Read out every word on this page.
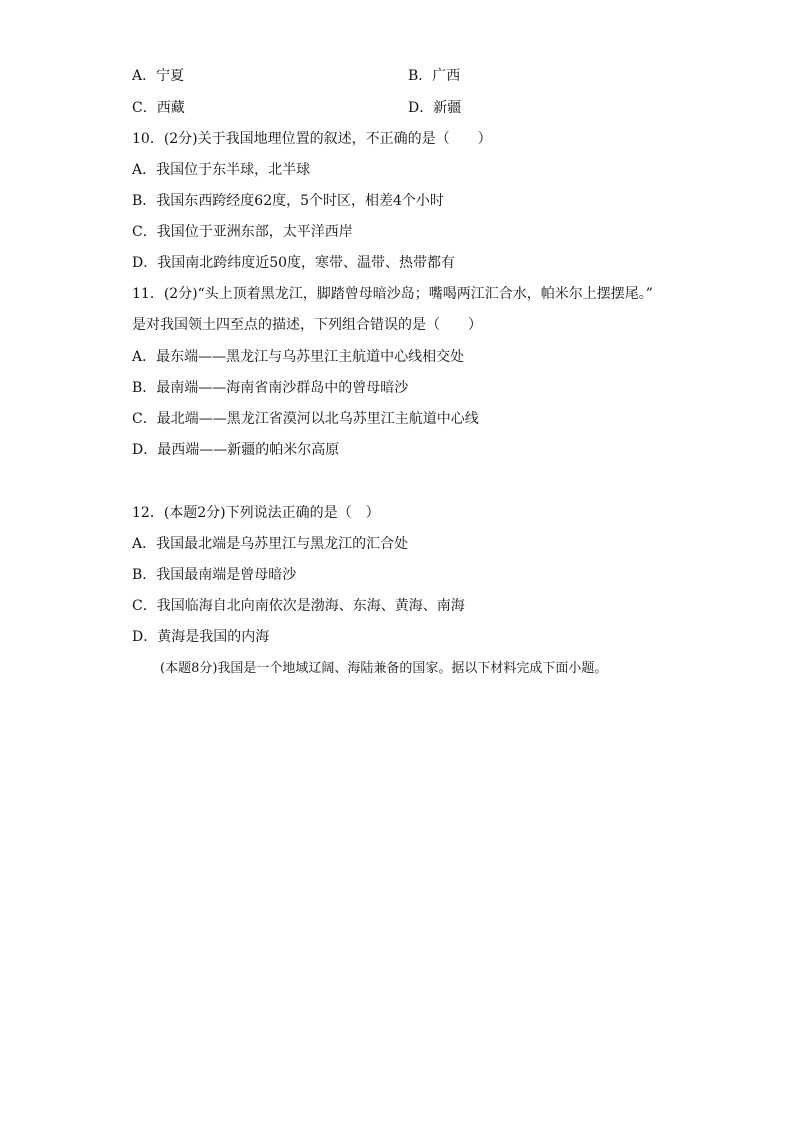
A．宁夏	B．广西
C．西藏	D．新疆
10．(2分)关于我国地理位置的叙述，不正确的是（　　）
A．我国位于东半球，北半球
B．我国东西跨经度62度，5个时区，相差4个小时
C．我国位于亚洲东部，太平洋西岸
D．我国南北跨纬度近50度，寒带、温带、热带都有
11．(2分)“头上顶着黑龙江，脚踏曾母暗沙岛；嘴喝两江汇合水，帕米尔上摆摆尾。”
是对我国领土四至点的描述，下列组合错误的是（　　）
A．最东端——黑龙江与乌苏里江主航道中心线相交处
B．最南端——海南省南沙群岛中的曾母暗沙
C．最北端——黑龙江省漠河以北乌苏里江主航道中心线
D．最西端——新疆的帕米尔高原
12．(本题2分)下列说法正确的是（　）
A．我国最北端是乌苏里江与黑龙江的汇合处
B．我国最南端是曾母暗沙
C．我国临海自北向南依次是渤海、东海、黄海、南海
D．黄海是我国的内海
(本题8分)我国是一个地域辽阔、海陆兼备的国家。据以下材料完成下面小题。
